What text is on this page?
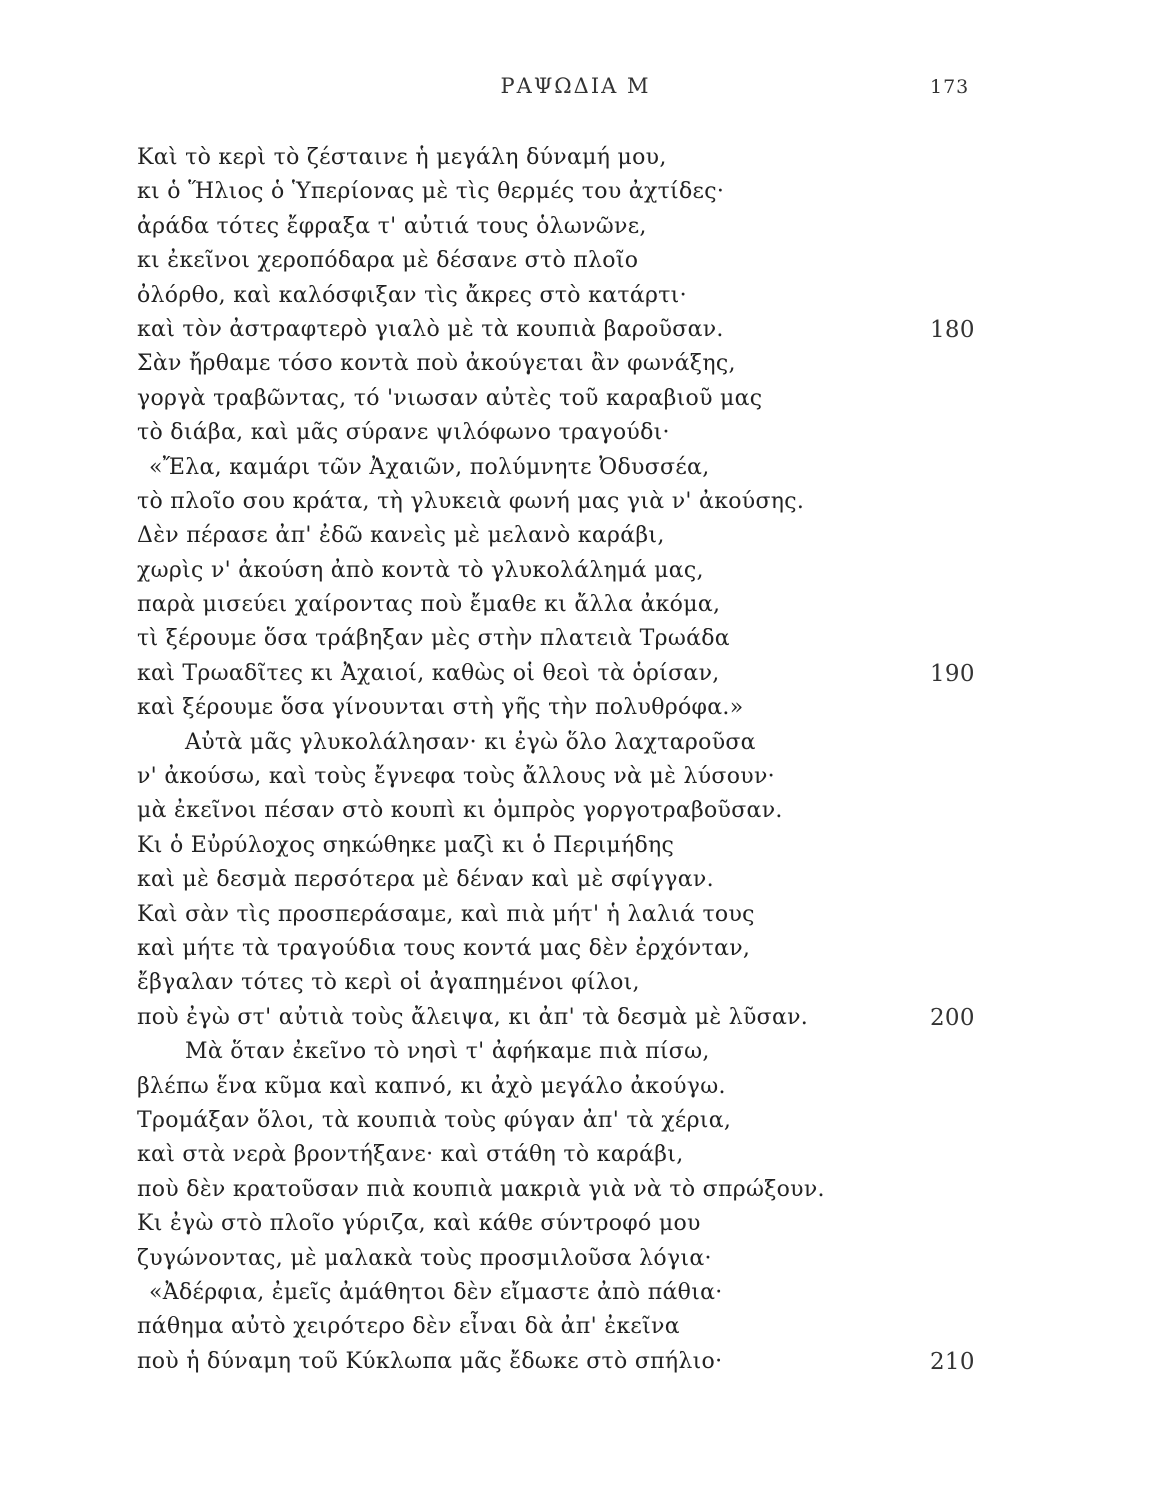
ΡΑΨΩΔΙΑ Μ	173
Καὶ τὸ κερὶ τὸ ζέσταινε ἡ μεγάλη δύναμή μου,
κι ὁ Ἥλιος ὁ Ὑπερίονας μὲ τὶς θερμές του ἀχτίδες·
ἀράδα τότες ἔφραξα τ' αὐτιά τους ὁλωνῶνε,
κι ἐκεῖνοι χεροπόδαρα μὲ δέσανε στὸ πλοῖο
ὀλόρθο, καὶ καλόσφιξαν τὶς ἄκρες στὸ κατάρτι·
καὶ τὸν ἀστραφτερὸ γιαλὸ μὲ τὰ κουπιὰ βαροῦσαν.	180
Σὰν ἤρθαμε τόσο κοντὰ ποὺ ἀκούγεται ἂν φωνάξης,
γοργὰ τραβῶντας, τό 'νιωσαν αὐτὲς τοῦ καραβιοῦ μας
τὸ διάβα, καὶ μᾶς σύρανε ψιλόφωνο τραγούδι·
«Ἔλα, καμάρι τῶν Ἀχαιῶν, πολύμνητε Ὀδυσσέα,
τὸ πλοῖο σου κράτα, τὴ γλυκειὰ φωνή μας γιὰ ν' ἀκούσης.
Δὲν πέρασε ἀπ' ἐδῶ κανεὶς μὲ μελανὸ καράβι,
χωρὶς ν' ἀκούση ἀπὸ κοντὰ τὸ γλυκολάλημά μας,
παρὰ μισεύει χαίροντας ποὺ ἔμαθε κι ἄλλα ἀκόμα,
τὶ ξέρουμε ὅσα τράβηξαν μὲς στὴν πλατειὰ Τρωάδα
καὶ Τρωαδῖτες κι Ἀχαιοί, καθὼς οἱ θεοὶ τὰ ὁρίσαν,	190
καὶ ξέρουμε ὅσα γίνουνται στὴ γῆς τὴν πολυθρόφα.»
Αὐτὰ μᾶς γλυκολάλησαν· κι ἐγὼ ὅλο λαχταροῦσα
ν' ἀκούσω, καὶ τοὺς ἔγνεφα τοὺς ἄλλους νὰ μὲ λύσουν·
μὰ ἐκεῖνοι πέσαν στὸ κουπὶ κι ὀμπρὸς γοργοτραβοῦσαν.
Κι ὁ Εὐρύλοχος σηκώθηκε μαζὶ κι ὁ Περιμήδης
καὶ μὲ δεσμὰ περσότερα μὲ δέναν καὶ μὲ σφίγγαν.
Καὶ σὰν τὶς προσπεράσαμε, καὶ πιὰ μήτ' ἡ λαλιά τους
καὶ μήτε τὰ τραγούδια τους κοντά μας δὲν ἐρχόνταν,
ἔβγαλαν τότες τὸ κερὶ οἱ ἀγαπημένοι φίλοι,
ποὺ ἐγὼ στ' αὐτιὰ τοὺς ἄλειψα, κι ἀπ' τὰ δεσμὰ μὲ λῦσαν.	200
Μὰ ὅταν ἐκεῖνο τὸ νησὶ τ' ἀφήκαμε πιὰ πίσω,
βλέπω ἕνα κῦμα καὶ καπνό, κι ἀχὸ μεγάλο ἀκούγω.
Τρομάξαν ὅλοι, τὰ κουπιὰ τοὺς φύγαν ἀπ' τὰ χέρια,
καὶ στὰ νερὰ βροντήξανε· καὶ στάθη τὸ καράβι,
ποὺ δὲν κρατοῦσαν πιὰ κουπιὰ μακριὰ γιὰ νὰ τὸ σπρώξουν.
Κι ἐγὼ στὸ πλοῖο γύριζα, καὶ κάθε σύντροφό μου
ζυγώνοντας, μὲ μαλακὰ τοὺς προσμιλοῦσα λόγια·
«Ἀδέρφια, ἐμεῖς ἀμάθητοι δὲν εἴμαστε ἀπὸ πάθια·
πάθημα αὐτὸ χειρότερο δὲν εἶναι δὰ ἀπ' ἐκεῖνα
ποὺ ἡ δύναμη τοῦ Κύκλωπα μᾶς ἔδωκε στὸ σπήλιο·	210
